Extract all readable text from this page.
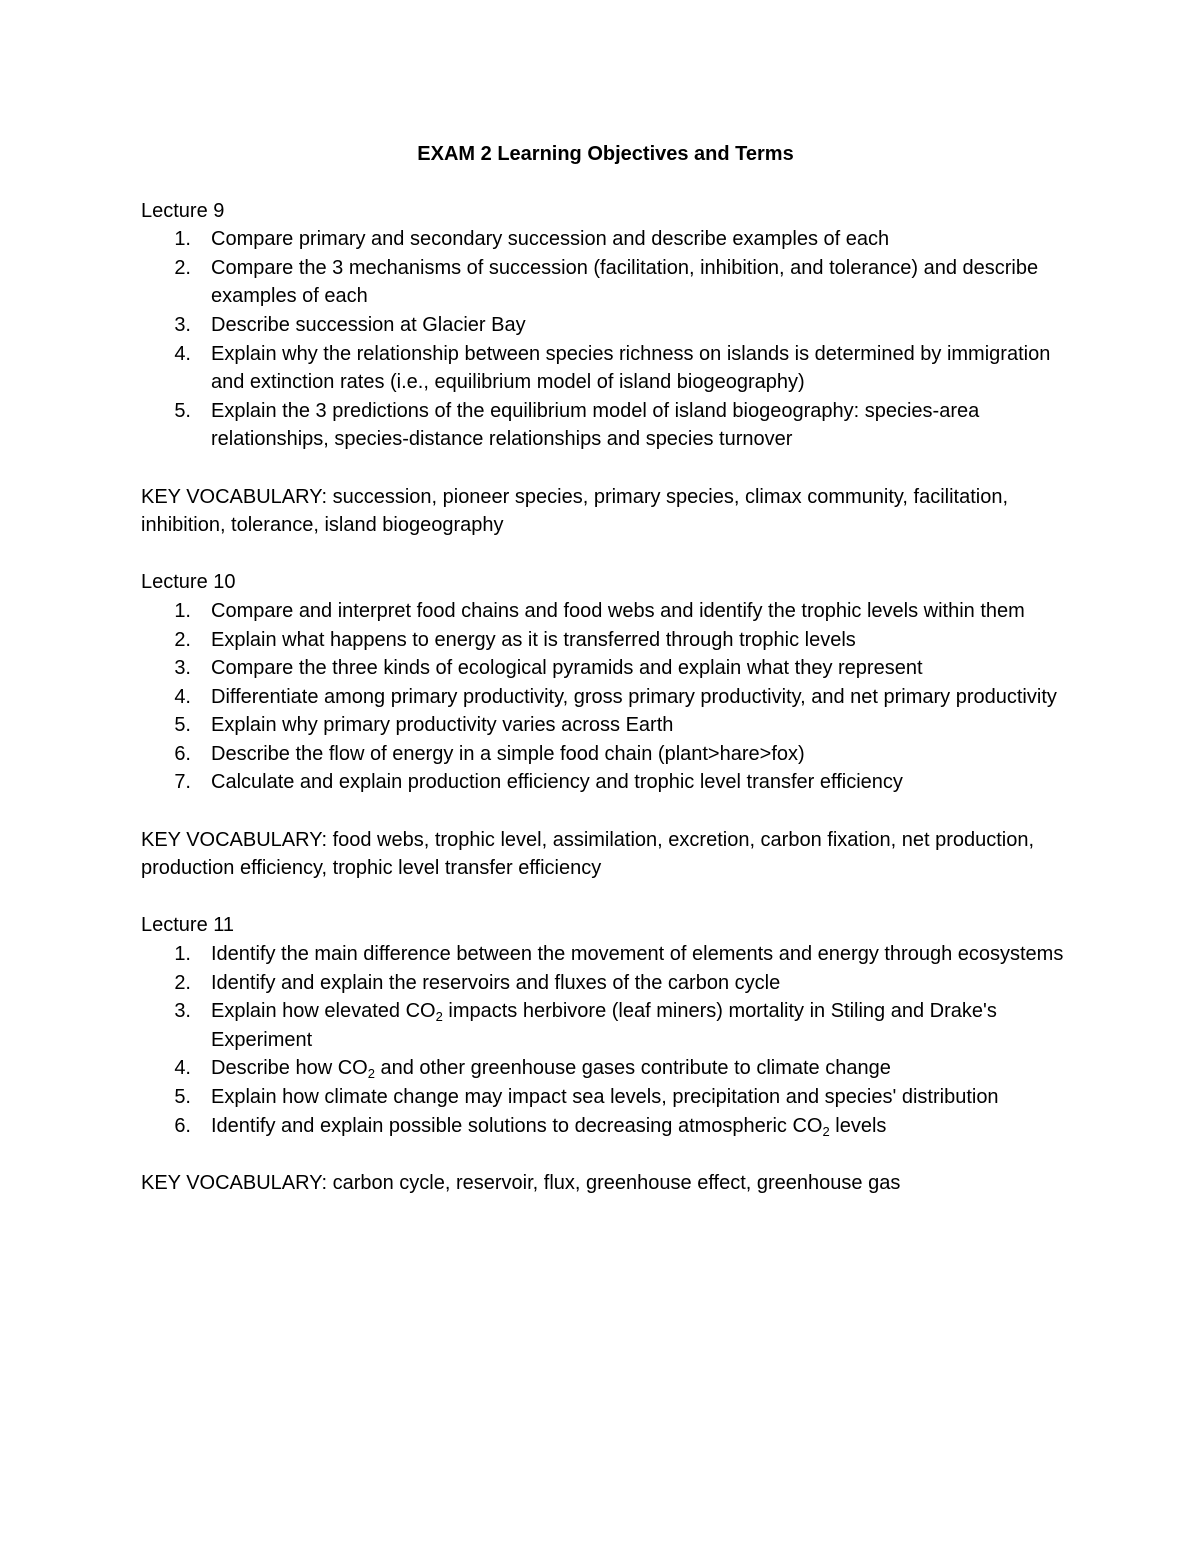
EXAM 2 Learning Objectives and Terms
Lecture 9
1.	Compare primary and secondary succession and describe examples of each
2.	Compare the 3 mechanisms of succession (facilitation, inhibition, and tolerance) and describe examples of each
3.	Describe succession at Glacier Bay
4.	Explain why the relationship between species richness on islands is determined by immigration and extinction rates (i.e., equilibrium model of island biogeography)
5.	Explain the 3 predictions of the equilibrium model of island biogeography: species-area relationships, species-distance relationships and species turnover
KEY VOCABULARY: succession, pioneer species, primary species, climax community, facilitation, inhibition, tolerance, island biogeography
Lecture 10
1.	Compare and interpret food chains and food webs and identify the trophic levels within them
2.	Explain what happens to energy as it is transferred through trophic levels
3.	Compare the three kinds of ecological pyramids and explain what they represent
4.	Differentiate among primary productivity, gross primary productivity, and net primary productivity
5.	Explain why primary productivity varies across Earth
6.	Describe the flow of energy in a simple food chain (plant>hare>fox)
7.	Calculate and explain production efficiency and trophic level transfer efficiency
KEY VOCABULARY: food webs, trophic level, assimilation, excretion, carbon fixation, net production, production efficiency, trophic level transfer efficiency
Lecture 11
1.	Identify the main difference between the movement of elements and energy through ecosystems
2.	Identify and explain the reservoirs and fluxes of the carbon cycle
3.	Explain how elevated $CO_2$ impacts herbivore (leaf miners) mortality in Stiling and Drake's Experiment
4.	Describe how $CO_2$ and other greenhouse gases contribute to climate change
5.	Explain how climate change may impact sea levels, precipitation and species' distribution
6.	Identify and explain possible solutions to decreasing atmospheric $CO_2$ levels
KEY VOCABULARY: carbon cycle, reservoir, flux, greenhouse effect, greenhouse gas
